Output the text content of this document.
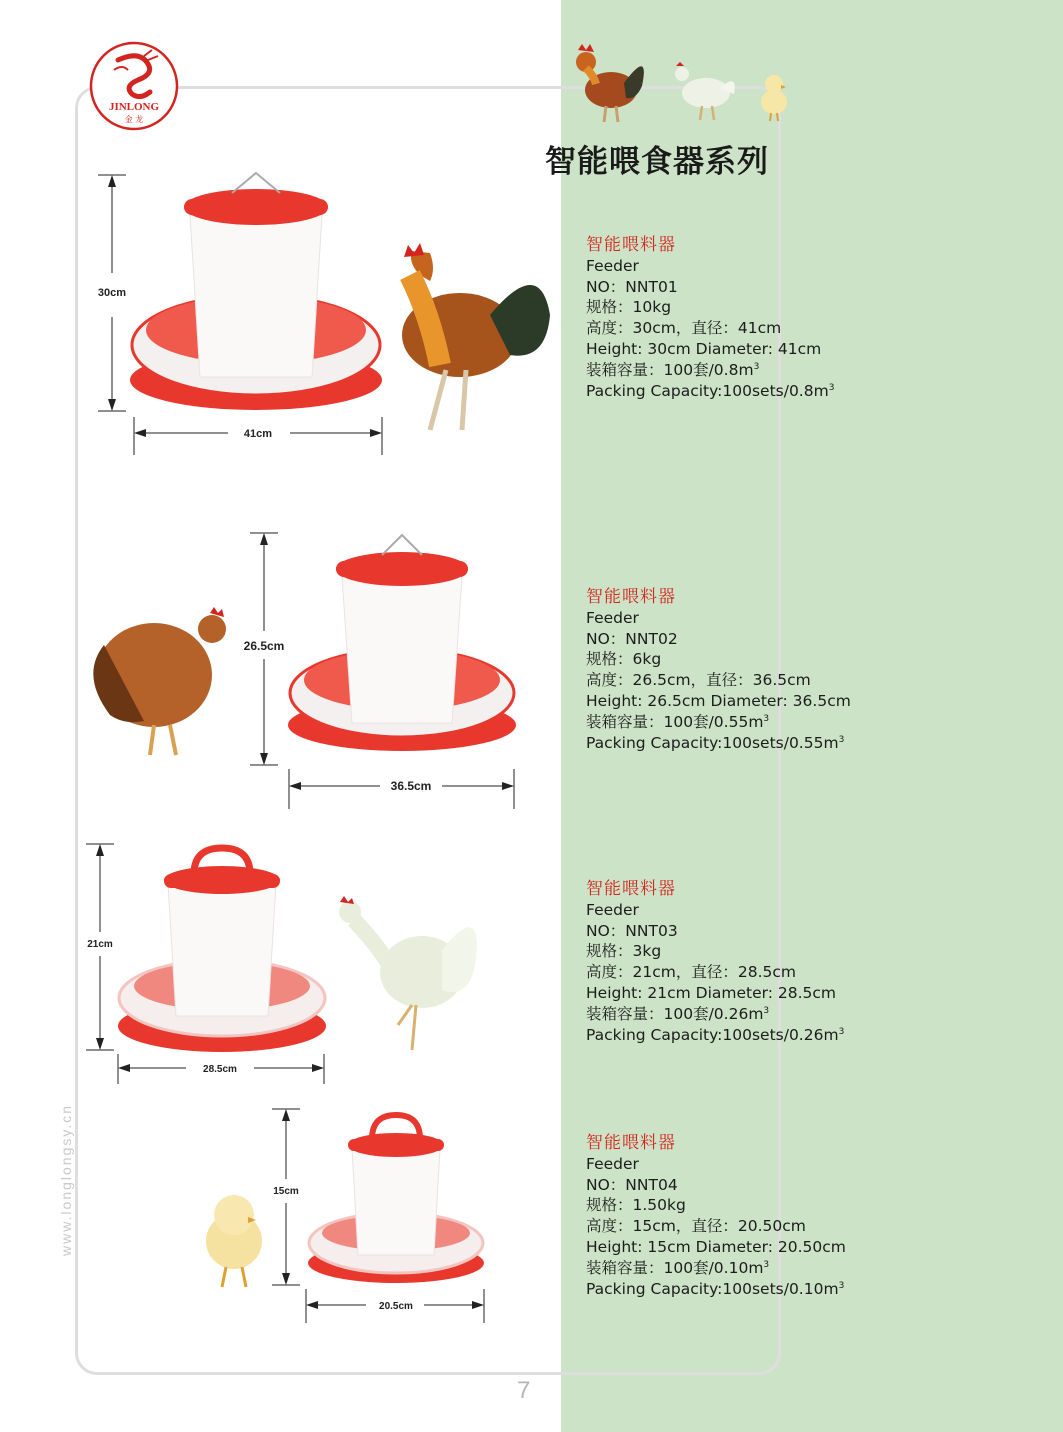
JINLONG
金 龙
智能喂食器系列
30cm
41cm
26.5cm
36.5cm
21cm
28.5cm
15cm
20.5cm
智能喂料器
Feeder
NO：NNT01
规格：10kg
高度：30cm，直径：41cm
Height: 30cm Diameter: 41cm
装箱容量：100套$/0.8m^3$
Packing $Capacity:100sets/0.8m^3$
智能喂料器
Feeder
NO：NNT02
规格：6kg
高度：26.5cm，直径：36.5cm
Height: 26.5cm Diameter: 36.5cm
装箱容量：100套$/0.55m^3$
Packing $Capacity:100sets/0.55m^3$
智能喂料器
Feeder
NO：NNT03
规格：3kg
高度：21cm，直径：28.5cm
Height: 21cm Diameter: 28.5cm
装箱容量：100套$/0.26m^3$
Packing $Capacity:100sets/0.26m^3$
智能喂料器
Feeder
NO：NNT04
规格：1.50kg
高度：15cm，直径：20.50cm
Height: 15cm Diameter: 20.50cm
装箱容量：100套$/0.10m^3$
Packing $Capacity:100sets/0.10m^3$
www.longlongsy.cn
7
